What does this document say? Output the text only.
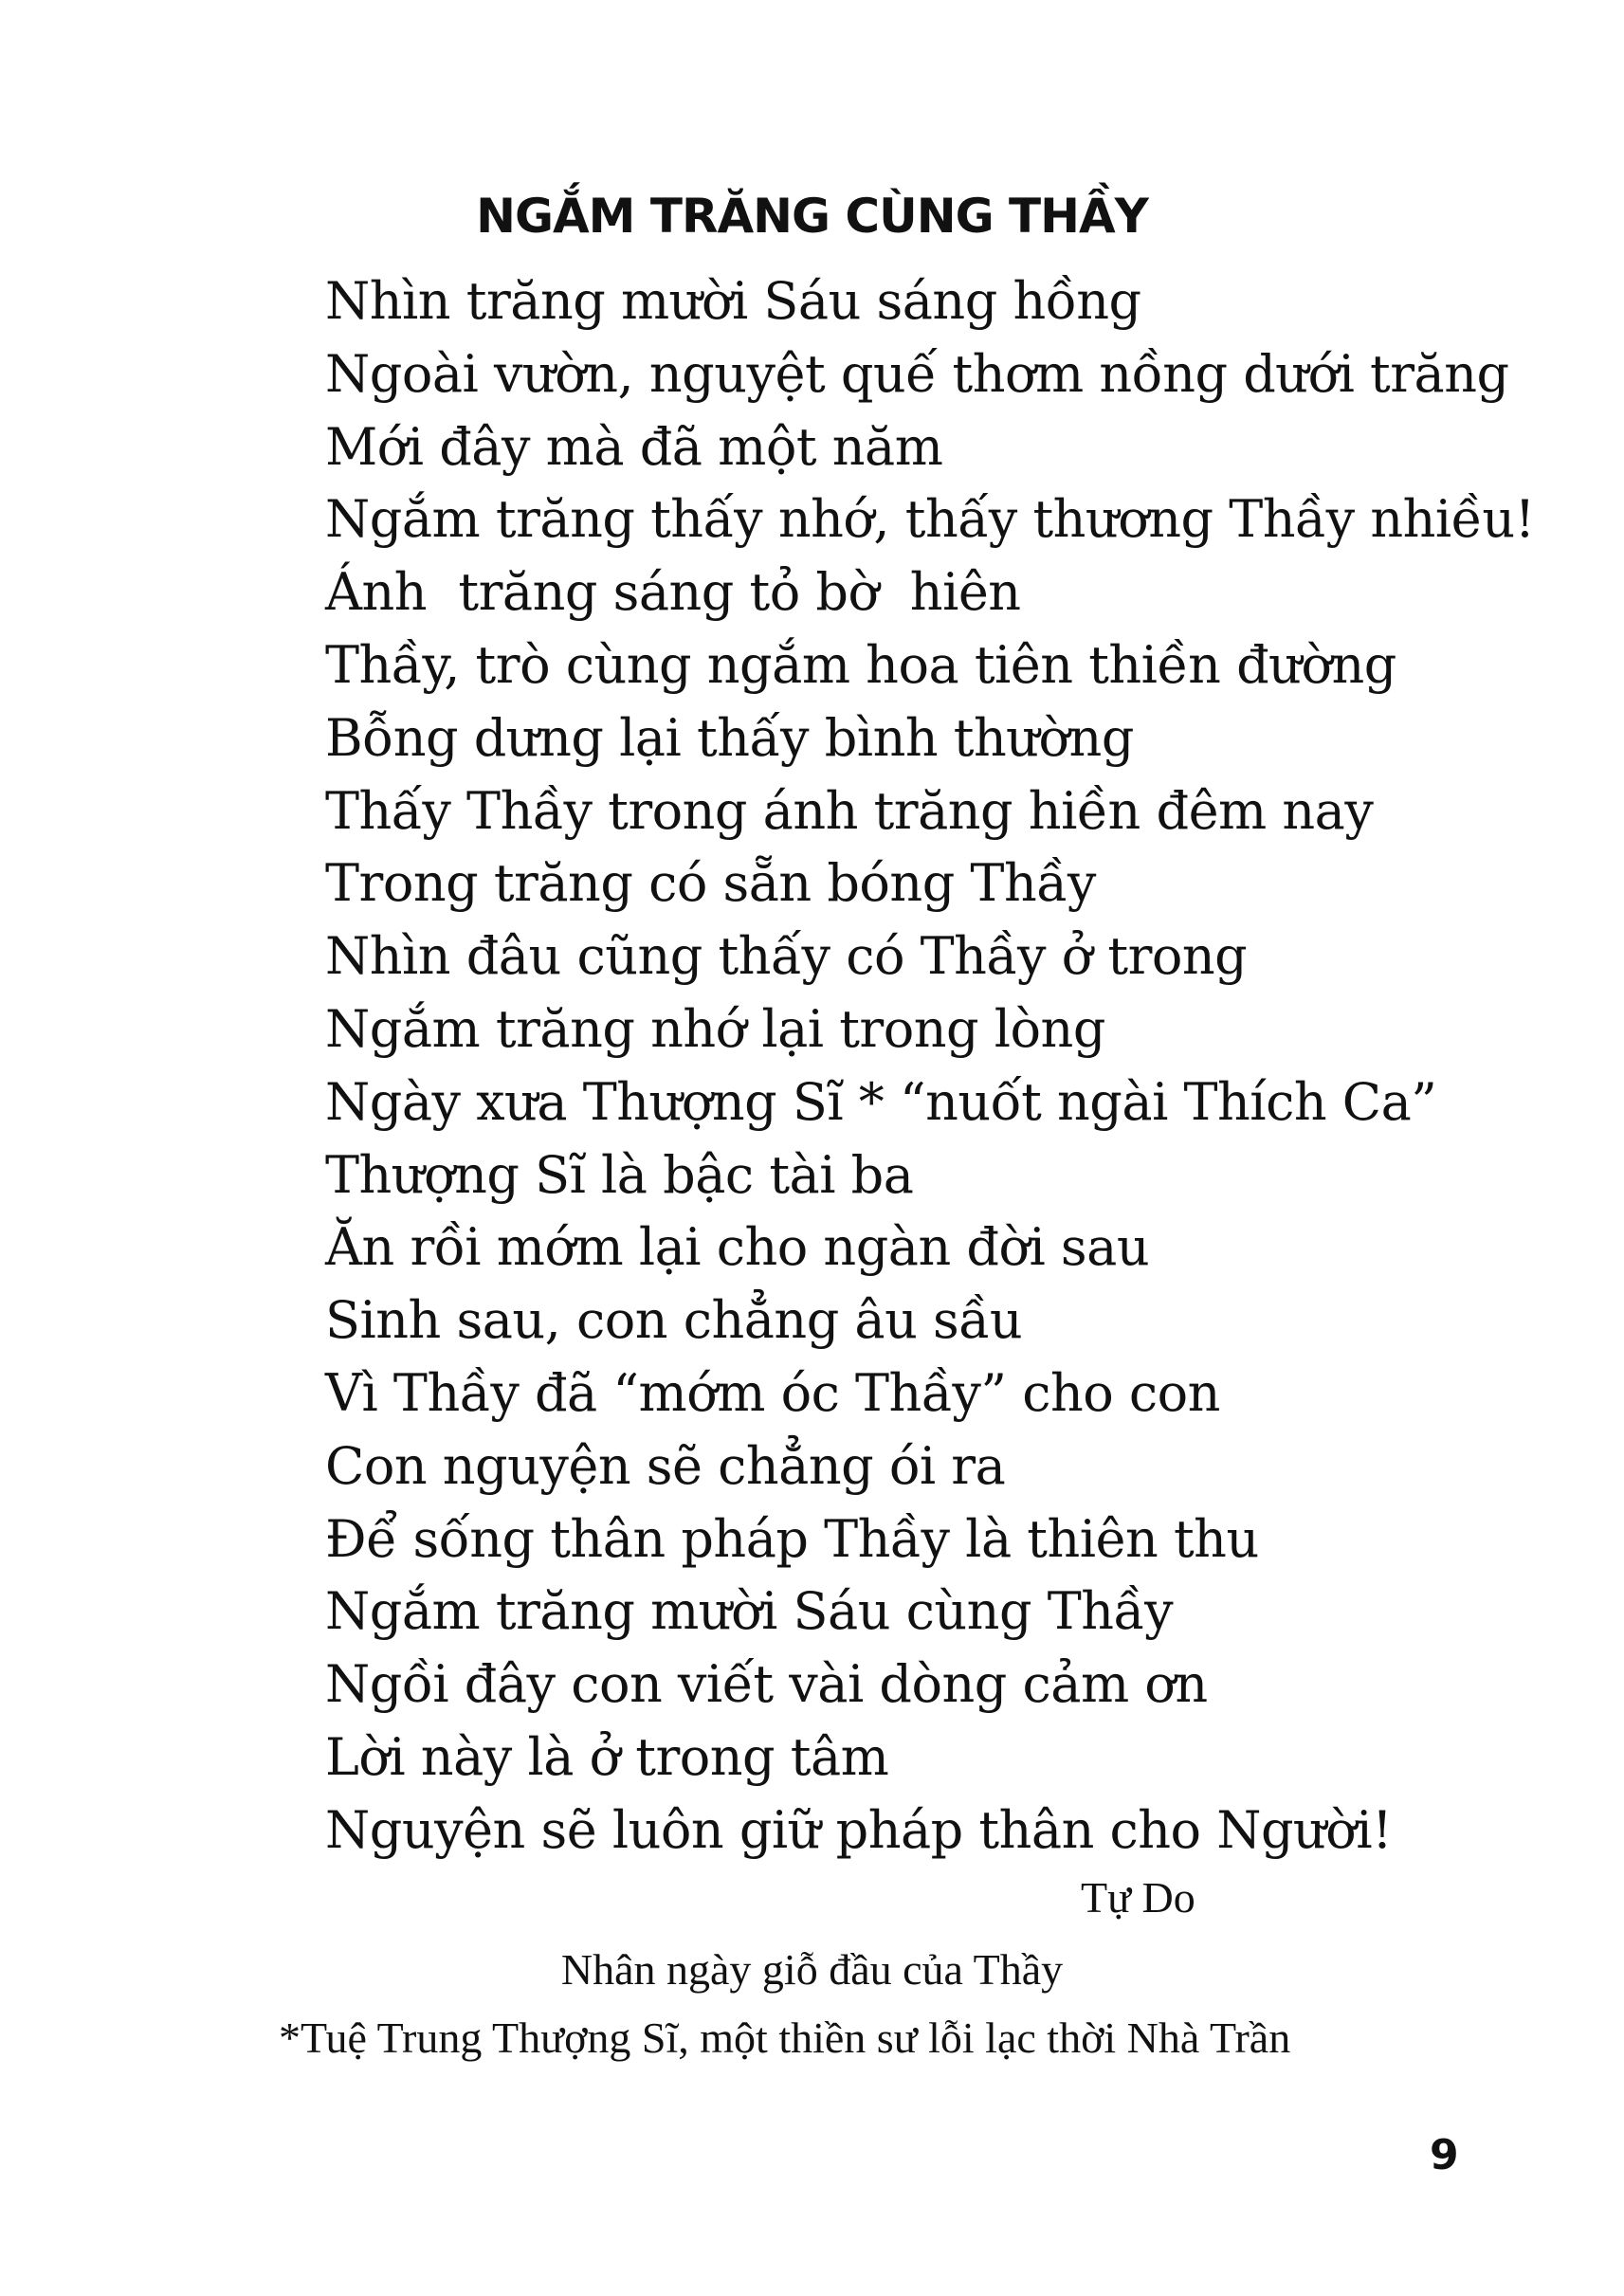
NGẮM TRĂNG CÙNG THẦY
Nhìn trăng mười Sáu sáng hồng
Ngoài vườn, nguyệt quế thơm nồng dưới trăng
Mới đây mà đã một năm
Ngắm trăng thấy nhớ, thấy thương Thầy nhiều!
Ánh  trăng sáng tỏ bờ  hiên
Thầy, trò cùng ngắm hoa tiên thiền đường
Bỗng dưng lại thấy bình thường
Thấy Thầy trong ánh trăng hiền đêm nay
Trong trăng có sẵn bóng Thầy
Nhìn đâu cũng thấy có Thầy ở trong
Ngắm trăng nhớ lại trong lòng
Ngày xưa Thượng Sĩ * “nuốt ngài Thích Ca”
Thượng Sĩ là bậc tài ba
Ăn rồi mớm lại cho ngàn đời sau
Sinh sau, con chẳng âu sầu
Vì Thầy đã “mớm óc Thầy” cho con
Con nguyện sẽ chẳng ói ra
Để sống thân pháp Thầy là thiên thu
Ngắm trăng mười Sáu cùng Thầy
Ngồi đây con viết vài dòng cảm ơn
Lời này là ở trong tâm
Nguyện sẽ luôn giữ pháp thân cho Người!

Tự Do

Nhân ngày giỗ đầu của Thầy

*Tuệ Trung Thượng Sĩ, một thiền sư lỗi lạc thời Nhà Trần

9
